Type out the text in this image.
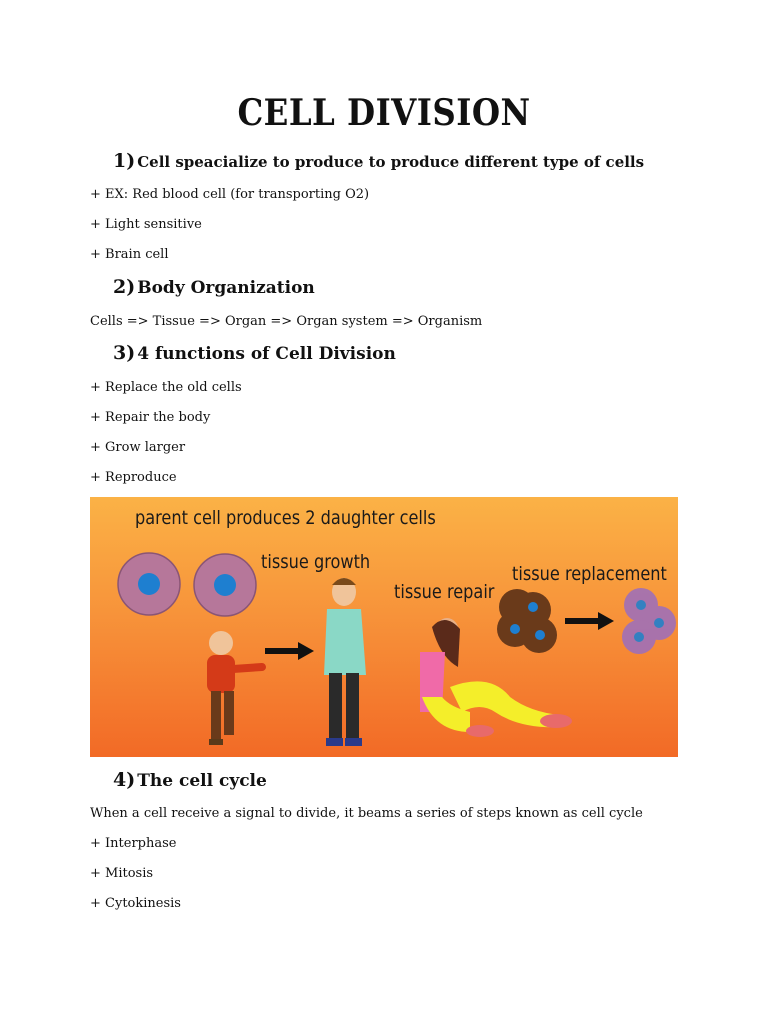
CELL DIVISION
1) Cell speacialize to produce to produce different type of cells
+ EX: Red blood cell (for transporting O2)
+ Light sensitive
+ Brain cell
2) Body Organization
Cells => Tissue => Organ => Organ system => Organism
3) 4 functions of Cell Division
+ Replace the old cells
+ Repair the body
+ Grow larger
+ Reproduce
parent cell produces 2 daughter cells
tissue growth
tissue repair
tissue replacement
4) The cell cycle
When a cell receive a signal to divide, it beams a series of steps known as cell cycle
+ Interphase
+ Mitosis
+ Cytokinesis
